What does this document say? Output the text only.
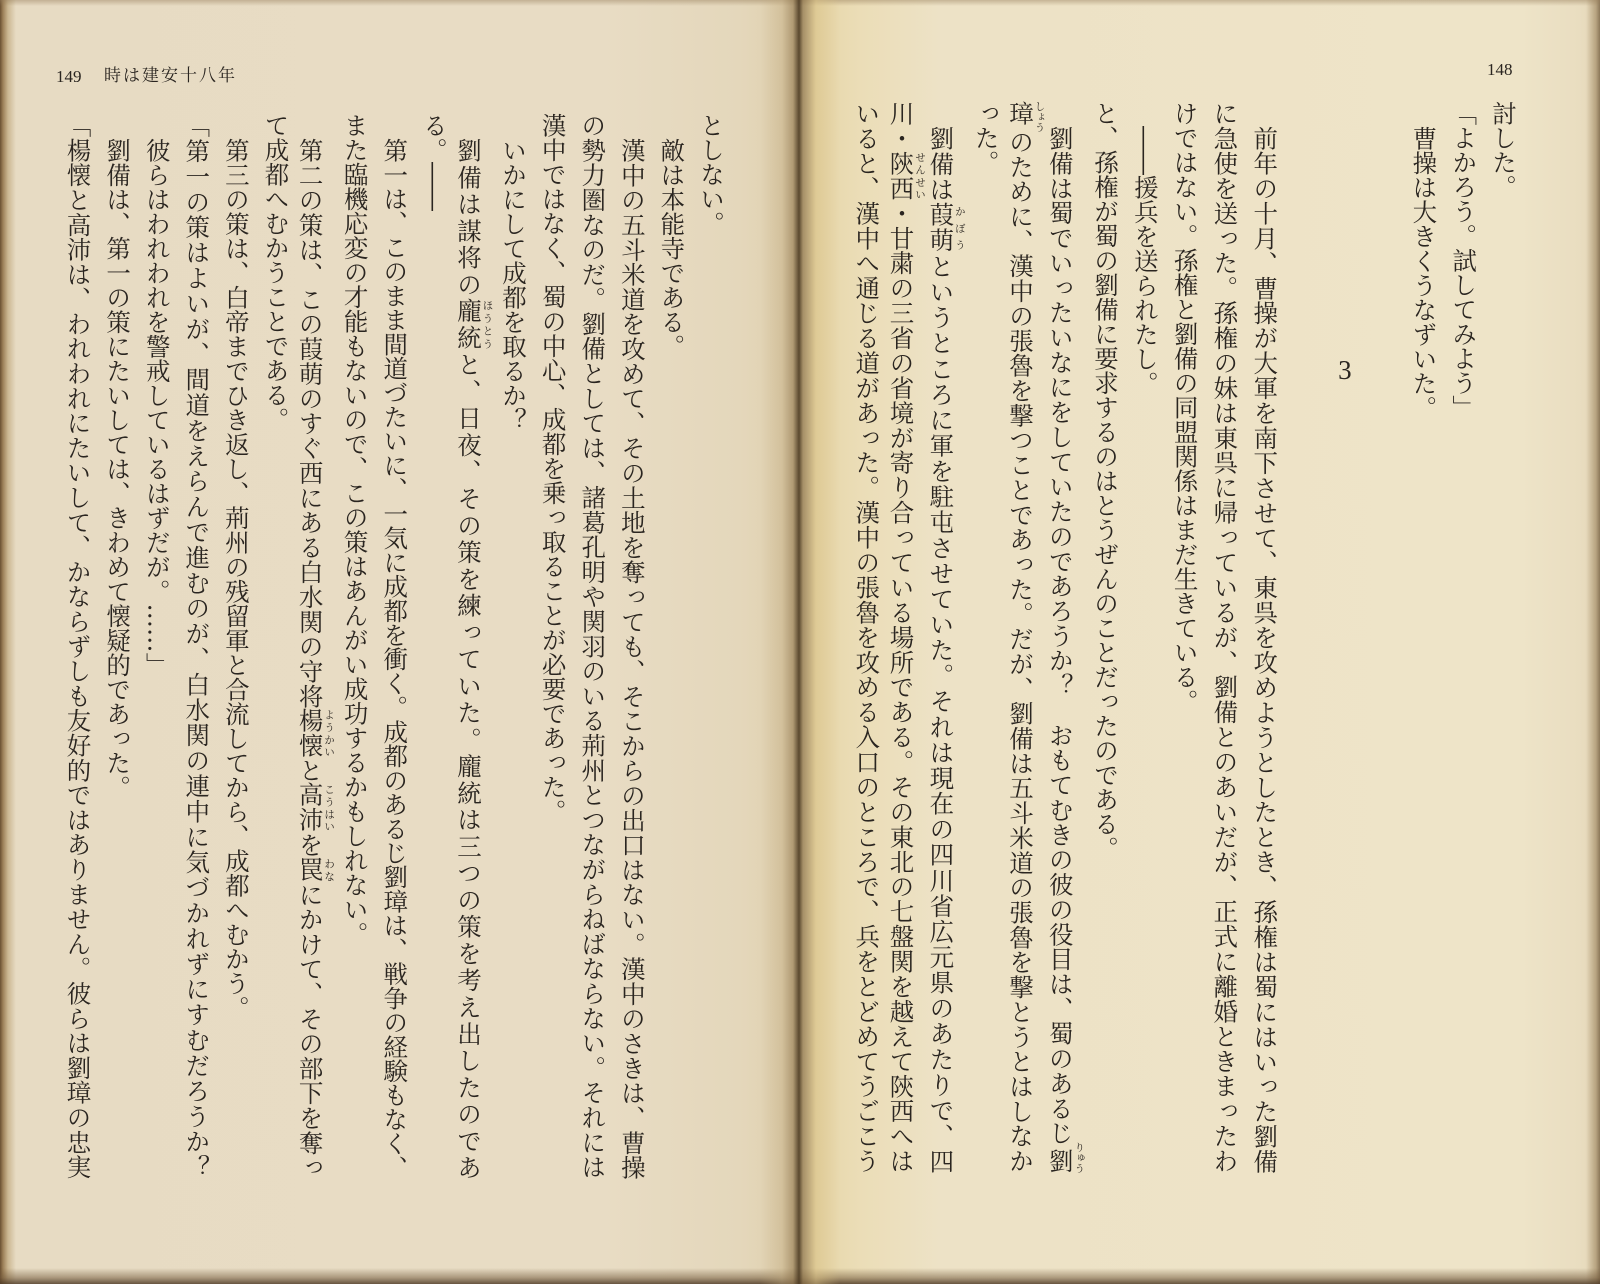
149 時は建安十八年	148
討した。
「よかろう。試してみよう」
曹操は大きくうなずいた。
3
前年の十月、曹操が大軍を南下させて、東呉を攻めようとしたとき、孫権は蜀にはいった劉備
に急使を送った。孫権の妹は東呉に帰っているが、劉備とのあいだが、正式に離婚ときまったわ
けではない。孫権と劉備の同盟関係はまだ生きている。
――援兵を送られたし。
と、孫権が蜀の劉備に要求するのはとうぜんのことだったのである。
劉備は蜀でいったいなにをしていたのであろうか？　おもてむきの彼の役目は、蜀のあるじ劉りゅう
璋しょうのために、漢中の張魯を撃つことであった。だが、劉備は五斗米道の張魯を撃とうとはしなか
った。
劉備は葭萌かぼうというところに軍を駐屯させていた。それは現在の四川省広元県のあたりで、四
川・陝西せんせい・甘粛の三省の省境が寄り合っている場所である。その東北の七盤関を越えて陝西へは
いると、漢中へ通じる道があった。漢中の張魯を攻める入口のところで、兵をとどめてうごこう
としない。
敵は本能寺である。
漢中の五斗米道を攻めて、その土地を奪っても、そこからの出口はない。漢中のさきは、曹操
の勢力圏なのだ。劉備としては、諸葛孔明や関羽のいる荊州とつながらねばならない。それには
漢中ではなく、蜀の中心、成都を乗っ取ることが必要であった。
いかにして成都を取るか？
劉備は謀将の龐統ほうとうと、日夜、その策を練っていた。龐統は三つの策を考え出したのであ
る。――
第一は、このまま間道づたいに、一気に成都を衝く。成都のあるじ劉璋は、戦争の経験もなく、
また臨機応変の才能もないので、この策はあんがい成功するかもしれない。
第二の策は、この葭萌のすぐ西にある白水関の守将楊懐ようかいと高沛こうはいを罠わなにかけて、その部下を奪っ
て成都へむかうことである。
第三の策は、白帝までひき返し、荊州の残留軍と合流してから、成都へむかう。
「第一の策はよいが、間道をえらんで進むのが、白水関の連中に気づかれずにすむだろうか？
彼らはわれわれを警戒しているはずだが。……」
劉備は、第一の策にたいしては、きわめて懐疑的であった。
「楊懐と高沛は、われわれにたいして、かならずしも友好的ではありません。彼らは劉璋の忠実
